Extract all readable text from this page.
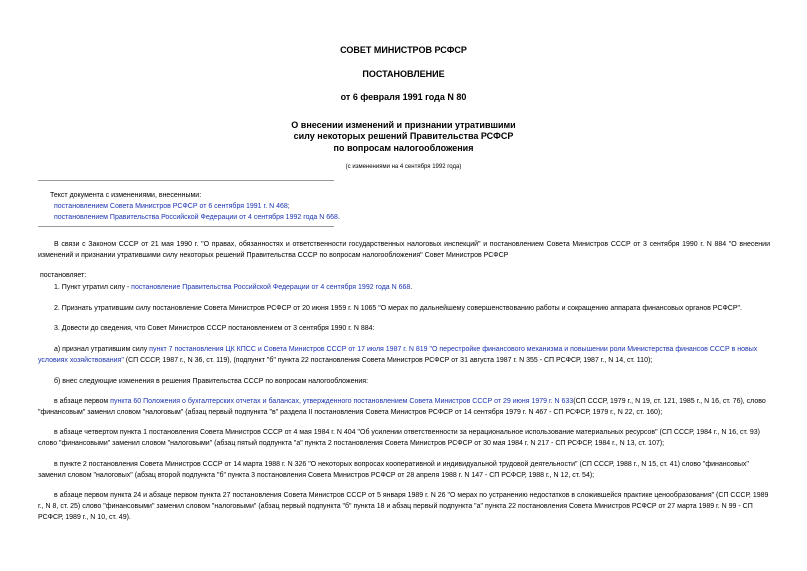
СОВЕТ МИНИСТРОВ РСФСР
ПОСТАНОВЛЕНИЕ
от 6 февраля 1991 года N 80
О внесении изменений и признании утратившими
силу некоторых решений Правительства РСФСР
по вопросам налогообложения
(с изменениями на 4 сентября 1992 года)
Текст документа с изменениями, внесенными:
постановлением Совета Министров РСФСР от 6 сентября 1991 г. N 468;
постановлением Правительства Российской Федерации от 4 сентября 1992 года N 668.
В связи с Законом СССР от 21 мая 1990 г. "О правах, обязанностях и ответственности государственных налоговых инспекций" и постановлением Совета Министров СССР от 3 сентября 1990 г. N 884 "О внесении изменений и признании утратившими силу некоторых решений Правительства СССР по вопросам налогообложения" Совет Министров РСФСР
постановляет:
1. Пункт утратил силу - постановление Правительства Российской Федерации от 4 сентября 1992 года N 668.
2. Признать утратившим силу постановление Совета Министров РСФСР от 20 июня 1959 г. N 1065 "О мерах по дальнейшему совершенствованию работы и сокращению аппарата финансовых органов РСФСР".
3. Довести до сведения, что Совет Министров СССР постановлением от 3 сентября 1990 г. N 884:
а) признал утратившим силу пункт 7 постановления ЦК КПСС и Совета Министров СССР от 17 июля 1987 г. N 819 "О перестройке финансового механизма и повышении роли Министерства финансов СССР в новых условиях хозяйствования" (СП СССР, 1987 г., N 36, ст. 119), (подпункт "б" пункта 22 постановления Совета Министров РСФСР от 31 августа 1987 г. N 355 - СП РСФСР, 1987 г., N 14, ст. 110);
б) внес следующие изменения в решения Правительства СССР по вопросам налогообложения:
в абзаце первом пункта 60 Положения о бухгалтерских отчетах и балансах, утвержденного постановлением Совета Министров СССР от 29 июня 1979 г. N 633(СП СССР, 1979 г., N 19, ст. 121, 1985 г., N 16, ст. 76), слово "финансовым" заменил словом "налоговым" (абзац первый подпункта "в" раздела II постановления Совета Министров РСФСР от 14 сентября 1979 г. N 467 - СП РСФСР, 1979 г., N 22, ст. 160);
в абзаце четвертом пункта 1 постановления Совета Министров СССР от 4 мая 1984 г. N 404 "Об усилении ответственности за нерациональное использование материальных ресурсов" (СП СССР, 1984 г., N 16, ст. 93) слово "финансовыми" заменил словом "налоговыми" (абзац пятый подпункта "а" пункта 2 постановления Совета Министров РСФСР от 30 мая 1984 г. N 217 - СП РСФСР, 1984 г., N 13, ст. 107);
в пункте 2 постановления Совета Министров СССР от 14 марта 1988 г. N 326 "О некоторых вопросах кооперативной и индивидуальной трудовой деятельности" (СП СССР, 1988 г., N 15, ст. 41) слово "финансовых" заменил словом "налоговых" (абзац второй подпункта "б" пункта 3 постановления Совета Министров РСФСР от 28 апреля 1988 г. N 147 - СП РСФСР, 1988 г., N 12, ст. 54);
в абзаце первом пункта 24 и абзаце первом пункта 27 постановления Совета Министров СССР от 5 января 1989 г. N 26 "О мерах по устранению недостатков в сложившейся практике ценообразования" (СП СССР, 1989 г., N 8, ст. 25) слово "финансовыми" заменил словом "налоговыми" (абзац первый подпункта "б" пункта 18 и абзац первый подпункта "а" пункта 22 постановления Совета Министров РСФСР от 27 марта 1989 г. N 99 - СП РСФСР, 1989 г., N 10, ст. 49).
